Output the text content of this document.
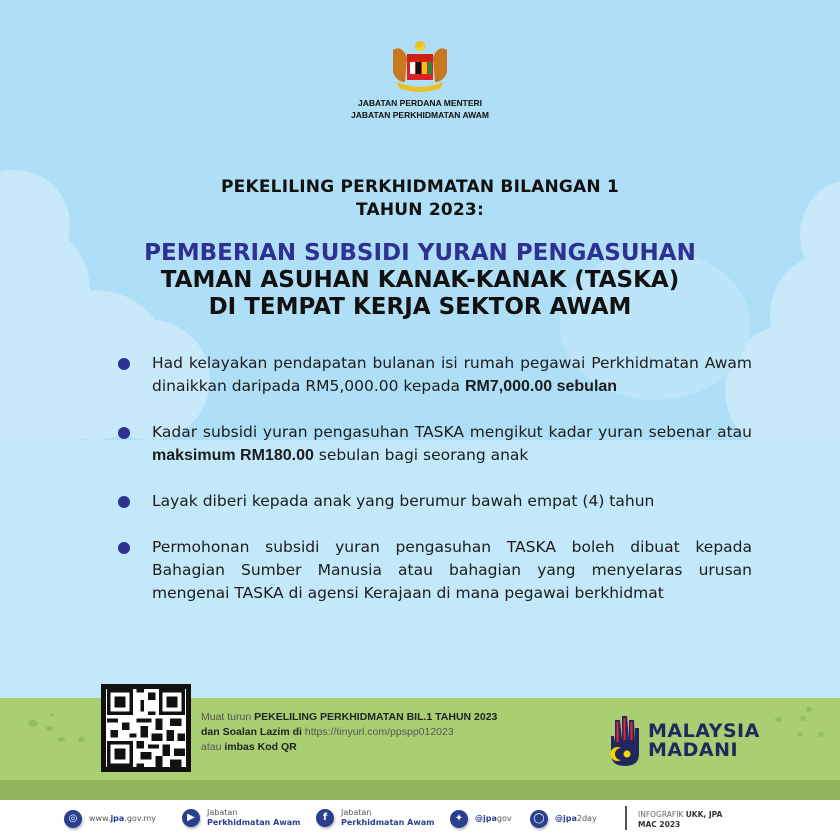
JABATAN PERDANA MENTERI
JABATAN PERKHIDMATAN AWAM
PEKELILING PERKHIDMATAN BILANGAN 1
TAHUN 2023:
PEMBERIAN SUBSIDI YURAN PENGASUHAN
TAMAN ASUHAN KANAK-KANAK (TASKA)
DI TEMPAT KERJA SEKTOR AWAM
Had kelayakan pendapatan bulanan isi rumah pegawai Perkhidmatan Awam dinaikkan daripada RM5,000.00 kepada RM7,000.00 sebulan
Kadar subsidi yuran pengasuhan TASKA mengikut kadar yuran sebenar atau maksimum RM180.00 sebulan bagi seorang anak
Layak diberi kepada anak yang berumur bawah empat (4) tahun
Permohonan subsidi yuran pengasuhan TASKA boleh dibuat kepada Bahagian Sumber Manusia atau bahagian yang menyelaras urusan mengenai TASKA di agensi Kerajaan di mana pegawai berkhidmat
Muat turun PEKELILING PERKHIDMATAN BIL.1 TAHUN 2023
dan Soalan Lazim di https://tinyurl.com/ppspp012023
atau imbas Kod QR
MALAYSIA
MADANI
◎	www.jpa.gov.my	▶	Jabatan
Perkhidmatan Awam	f	Jabatan
Perkhidmatan Awam	✦	@jpagov	◯	@jpa2day	INFOGRAFIK UKK, JPA
MAC 2023
